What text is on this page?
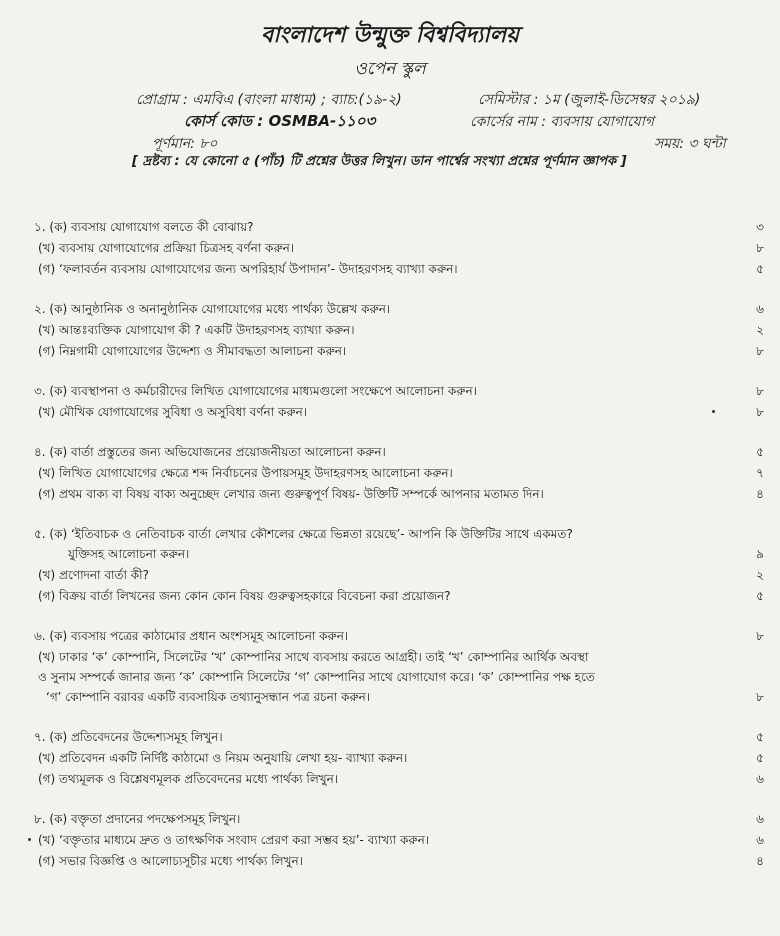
বাংলাদেশ উন্মুক্ত বিশ্ববিদ্যালয়
ওপেন স্কুল
প্রোগ্রাম : এমবিএ (বাংলা মাধ্যম) ; ব্যাচ:(১৯-২)	সেমিস্টার : ১ম (জুলাই-ডিসেম্বর ২০১৯)
কোর্স কোড : OSMBA-১১০৩	কোর্সের নাম : ব্যবসায় যোগাযোগ
পূর্ণমান: ৮০	সময়: ৩ ঘন্টা
[ দ্রষ্টব্য : যে কোনো ৫ (পাঁচ) টি প্রশ্নের উত্তর লিখুন। ডান পার্শ্বের সংখ্যা প্রশ্নের পূর্ণমান জ্ঞাপক ]
১. (ক) ব্যবসায় যোগাযোগ বলতে কী বোঝায়?	৩
(খ) ব্যবসায় যোগাযোগের প্রক্রিয়া চিত্রসহ বর্ণনা করুন।	৮
(গ) ‘ফলাবর্তন ব্যবসায় যোগাযোগের জন্য অপরিহার্য উপাদান’- উদাহরণসহ ব্যাখ্যা করুন।	৫
২. (ক) আনুষ্ঠানিক ও অনানুষ্ঠানিক যোগাযোগের মধ্যে পার্থক্য উল্লেখ করুন।	৬
(খ) আন্তঃব্যক্তিক যোগাযোগ কী ? একটি উদাহরণসহ ব্যাখ্যা করুন।	২
(গ) নিম্নগামী যোগাযোগের উদ্দেশ্য ও সীমাবদ্ধতা আলাচনা করুন।	৮
৩. (ক) ব্যবস্থাপনা ও কর্মচারীদের লিখিত যোগাযোগের মাধ্যমগুলো সংক্ষেপে আলোচনা করুন।	৮
(খ) মৌখিক যোগাযোগের সুবিধা ও অসুবিধা বর্ণনা করুন।	৮
৪. (ক) বার্তা প্রস্তুতের জন্য অভিযোজনের প্রয়োজনীয়তা আলোচনা করুন।	৫
(খ) লিখিত যোগাযোগের ক্ষেত্রে শব্দ নির্বাচনের উপায়সমূহ উদাহরণসহ আলোচনা করুন।	৭
(গ) প্রথম বাক্য বা বিষয় বাক্য অনুচ্ছেদ লেখার জন্য গুরুত্বপূর্ণ বিষয়- উক্তিটি সম্পর্কে আপনার মতামত দিন।	৪
৫. (ক) ‘ইতিবাচক ও নেতিবাচক বার্তা লেখার কৌশলের ক্ষেত্রে ভিন্নতা রয়েছে’- আপনি কি উক্তিটির সাথে একমত?
যুক্তিসহ আলোচনা করুন।	৯
(খ) প্রণোদনা বার্তা কী?	২
(গ) বিক্রয় বার্তা লিখনের জন্য কোন কোন বিষয় গুরুত্বসহকারে বিবেচনা করা প্রয়োজন?	৫
৬. (ক) ব্যবসায় পত্রের কাঠামোর প্রধান অংশসমূহ আলোচনা করুন।	৮
(খ) ঢাকার ‘ক’ কোম্পানি, সিলেটের ‘খ’ কোম্পানির সাথে ব্যবসায় করতে আগ্রহী। তাই ‘খ’ কোম্পানির আর্থিক অবস্থা
ও সুনাম সম্পর্কে জানার জন্য ‘ক’ কোম্পানি সিলেটের ‘গ’ কোম্পানির সাথে যোগাযোগ করে। ‘ক’ কোম্পানির পক্ষ হতে
‘গ’ কোম্পানি বরাবর একটি ব্যবসায়িক তথ্যানুসন্ধান পত্র রচনা করুন।	৮
৭. (ক) প্রতিবেদনের উদ্দেশ্যসমূহ লিখুন।	৫
(খ) প্রতিবেদন একটি নির্দিষ্ট কাঠামো ও নিয়ম অনুযায়ি লেখা হয়- ব্যাখ্যা করুন।	৫
(গ) তথ্যমূলক ও বিশ্লেষণমূলক প্রতিবেদনের মধ্যে পার্থক্য লিখুন।	৬
৮. (ক) বক্তৃতা প্রদানের পদক্ষেপসমূহ লিখুন।	৬
(খ) ‘বক্তৃতার মাধ্যমে দ্রুত ও তাৎক্ষণিক সংবাদ প্রেরণ করা সম্ভব হয়’- ব্যাখ্যা করুন।	৬
(গ) সভার বিজ্ঞপ্তি ও আলোচ্যসূচীর মধ্যে পার্থক্য লিখুন।	৪
